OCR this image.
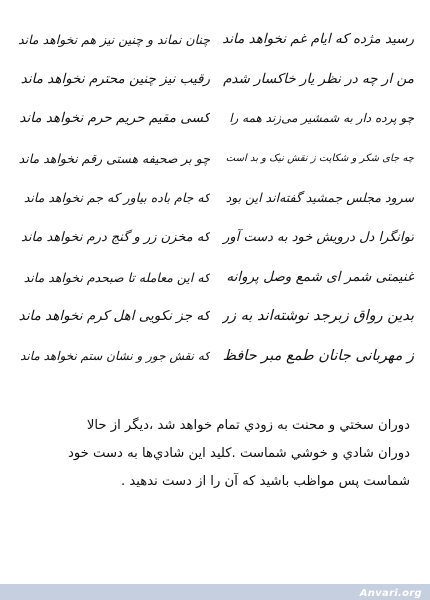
رسید مژده که ایام غم نخواهد ماند
من ار چه در نظر یار خاکسار شدم
چو پرده دار به شمشیر می‌زند همه را
چه جای شکر و شکایت ز نقش نیک و بد است
سرود مجلس جمشید گفته‌اند این بود
توانگرا دل درویش خود به دست آور
غنیمتی شمر ای شمع وصل پروانه
بدین رواق زبرجد نوشته‌اند به زر
ز مهربانی جانان طمع مبر حافظ
چنان نماند و چنین نیز هم نخواهد ماند
رقیب نیز چنین محترم نخواهد ماند
کسی مقیم حریم حرم نخواهد ماند
چو بر صحیفه هستی رقم نخواهد ماند
که جام باده بیاور که جم نخواهد ماند
که مخزن زر و گنج درم نخواهد ماند
که این معامله تا صبحدم نخواهد ماند
که جز نکویی اهل کرم نخواهد ماند
که نقش جور و نشان ستم نخواهد ماند
دوران سختي و محنت به زودي تمام خواهد شد ،ديگر از حالا
دوران شادي و خوشي شماست .كليد اين شادي‌ها به دست خود
شماست پس مواظب باشيد كه آن را از دست ندهيد .
Anvari.org
